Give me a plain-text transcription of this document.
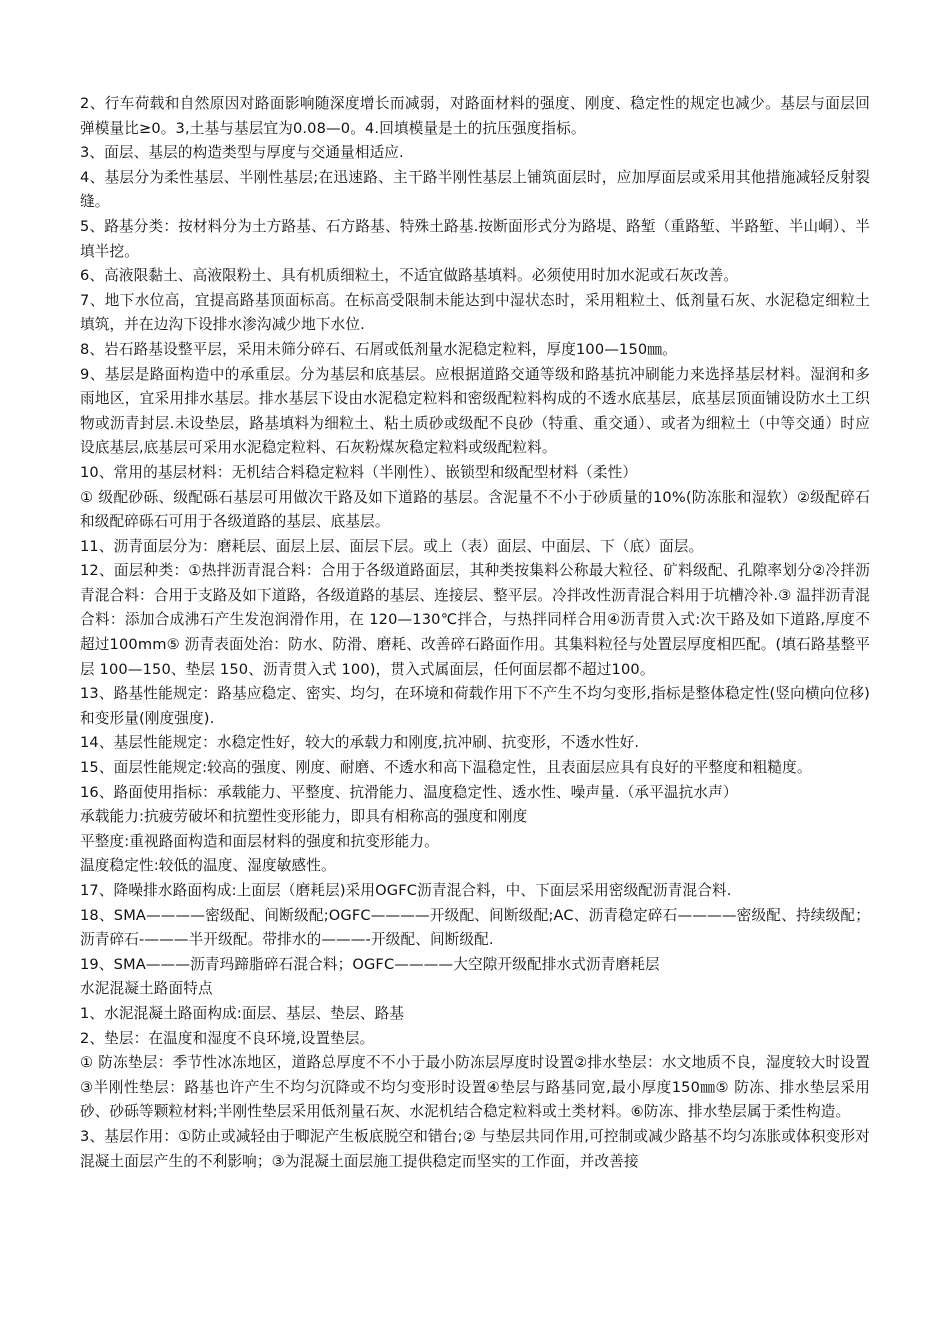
2、行车荷载和自然原因对路面影响随深度增长而减弱，对路面材料的强度、刚度、稳定性的规定也减少。基层与面层回弹模量比≥0。3,土基与基层宜为0.08—0。4.回填模量是土的抗压强度指标。

3、面层、基层的构造类型与厚度与交通量相适应.

4、基层分为柔性基层、半刚性基层;在迅速路、主干路半刚性基层上铺筑面层时，应加厚面层或采用其他措施减轻反射裂缝。

5、路基分类：按材料分为土方路基、石方路基、特殊土路基.按断面形式分为路堤、路堑（重路堑、半路堑、半山峒）、半填半挖。

6、高液限黏土、高液限粉土、具有机质细粒土，不适宜做路基填料。必须使用时加水泥或石灰改善。

7、地下水位高，宜提高路基顶面标高。在标高受限制未能达到中湿状态时，采用粗粒土、低剂量石灰、水泥稳定细粒土填筑，并在边沟下设排水渗沟减少地下水位.

8、岩石路基设整平层，采用未筛分碎石、石屑或低剂量水泥稳定粒料，厚度100—150㎜。

9、基层是路面构造中的承重层。分为基层和底基层。应根据道路交通等级和路基抗冲刷能力来选择基层材料。湿润和多雨地区，宜采用排水基层。排水基层下设由水泥稳定粒料和密级配粒料构成的不透水底基层，底基层顶面铺设防水土工织物或沥青封层.未设垫层，路基填料为细粒土、粘土质砂或级配不良砂（特重、重交通）、或者为细粒土（中等交通）时应设底基层,底基层可采用水泥稳定粒料、石灰粉煤灰稳定粒料或级配粒料。

10、常用的基层材料：无机结合料稳定粒料（半刚性）、嵌锁型和级配型材料（柔性）

① 级配砂砾、级配砾石基层可用做次干路及如下道路的基层。含泥量不不小于砂质量的10%(防冻胀和湿软）②级配碎石和级配碎砾石可用于各级道路的基层、底基层。

11、沥青面层分为：磨耗层、面层上层、面层下层。或上（表）面层、中面层、下（底）面层。

12、面层种类：①热拌沥青混合料：合用于各级道路面层，其种类按集料公称最大粒径、矿料级配、孔隙率划分②冷拌沥青混合料：合用于支路及如下道路，各级道路的基层、连接层、整平层。冷拌改性沥青混合料用于坑槽冷补.③ 温拌沥青混合料：添加合成沸石产生发泡润滑作用，在 120—130℃拌合，与热拌同样合用④沥青贯入式:次干路及如下道路,厚度不超过100mm⑤ 沥青表面处治：防水、防滑、磨耗、改善碎石路面作用。其集料粒径与处置层厚度相匹配。(填石路基整平层 100—150、垫层 150、沥青贯入式 100)，贯入式属面层，任何面层都不超过100。

13、路基性能规定：路基应稳定、密实、均匀，在环境和荷载作用下不产生不均匀变形,指标是整体稳定性(竖向横向位移)和变形量(刚度强度).

14、基层性能规定：水稳定性好，较大的承载力和刚度,抗冲刷、抗变形，不透水性好.

15、面层性能规定:较高的强度、刚度、耐磨、不透水和高下温稳定性，且表面层应具有良好的平整度和粗糙度。

16、路面使用指标：承载能力、平整度、抗滑能力、温度稳定性、透水性、噪声量.（承平温抗水声）

承载能力:抗疲劳破坏和抗塑性变形能力，即具有相称高的强度和刚度

平整度:重视路面构造和面层材料的强度和抗变形能力。

温度稳定性:较低的温度、湿度敏感性。

17、降噪排水路面构成:上面层（磨耗层)采用OGFC沥青混合料，中、下面层采用密级配沥青混合料.

18、SMA————密级配、间断级配;OGFC————开级配、间断级配;AC、沥青稳定碎石————密级配、持续级配；沥青碎石-———半开级配。带排水的———-开级配、间断级配.

19、SMA———沥青玛蹄脂碎石混合料；OGFC————大空隙开级配排水式沥青磨耗层

水泥混凝土路面特点

1、水泥混凝土路面构成:面层、基层、垫层、路基

2、垫层：在温度和湿度不良环境,设置垫层。

① 防冻垫层：季节性冰冻地区，道路总厚度不不小于最小防冻层厚度时设置②排水垫层：水文地质不良，湿度较大时设置③半刚性垫层：路基也许产生不均匀沉降或不均匀变形时设置④垫层与路基同宽,最小厚度150㎜⑤ 防冻、排水垫层采用砂、砂砾等颗粒材料;半刚性垫层采用低剂量石灰、水泥机结合稳定粒料或土类材料。⑥防冻、排水垫层属于柔性构造。

3、基层作用：①防止或减轻由于唧泥产生板底脱空和错台;② 与垫层共同作用,可控制或减少路基不均匀冻胀或体积变形对混凝土面层产生的不利影响；③为混凝土面层施工提供稳定而坚实的工作面，并改善接
